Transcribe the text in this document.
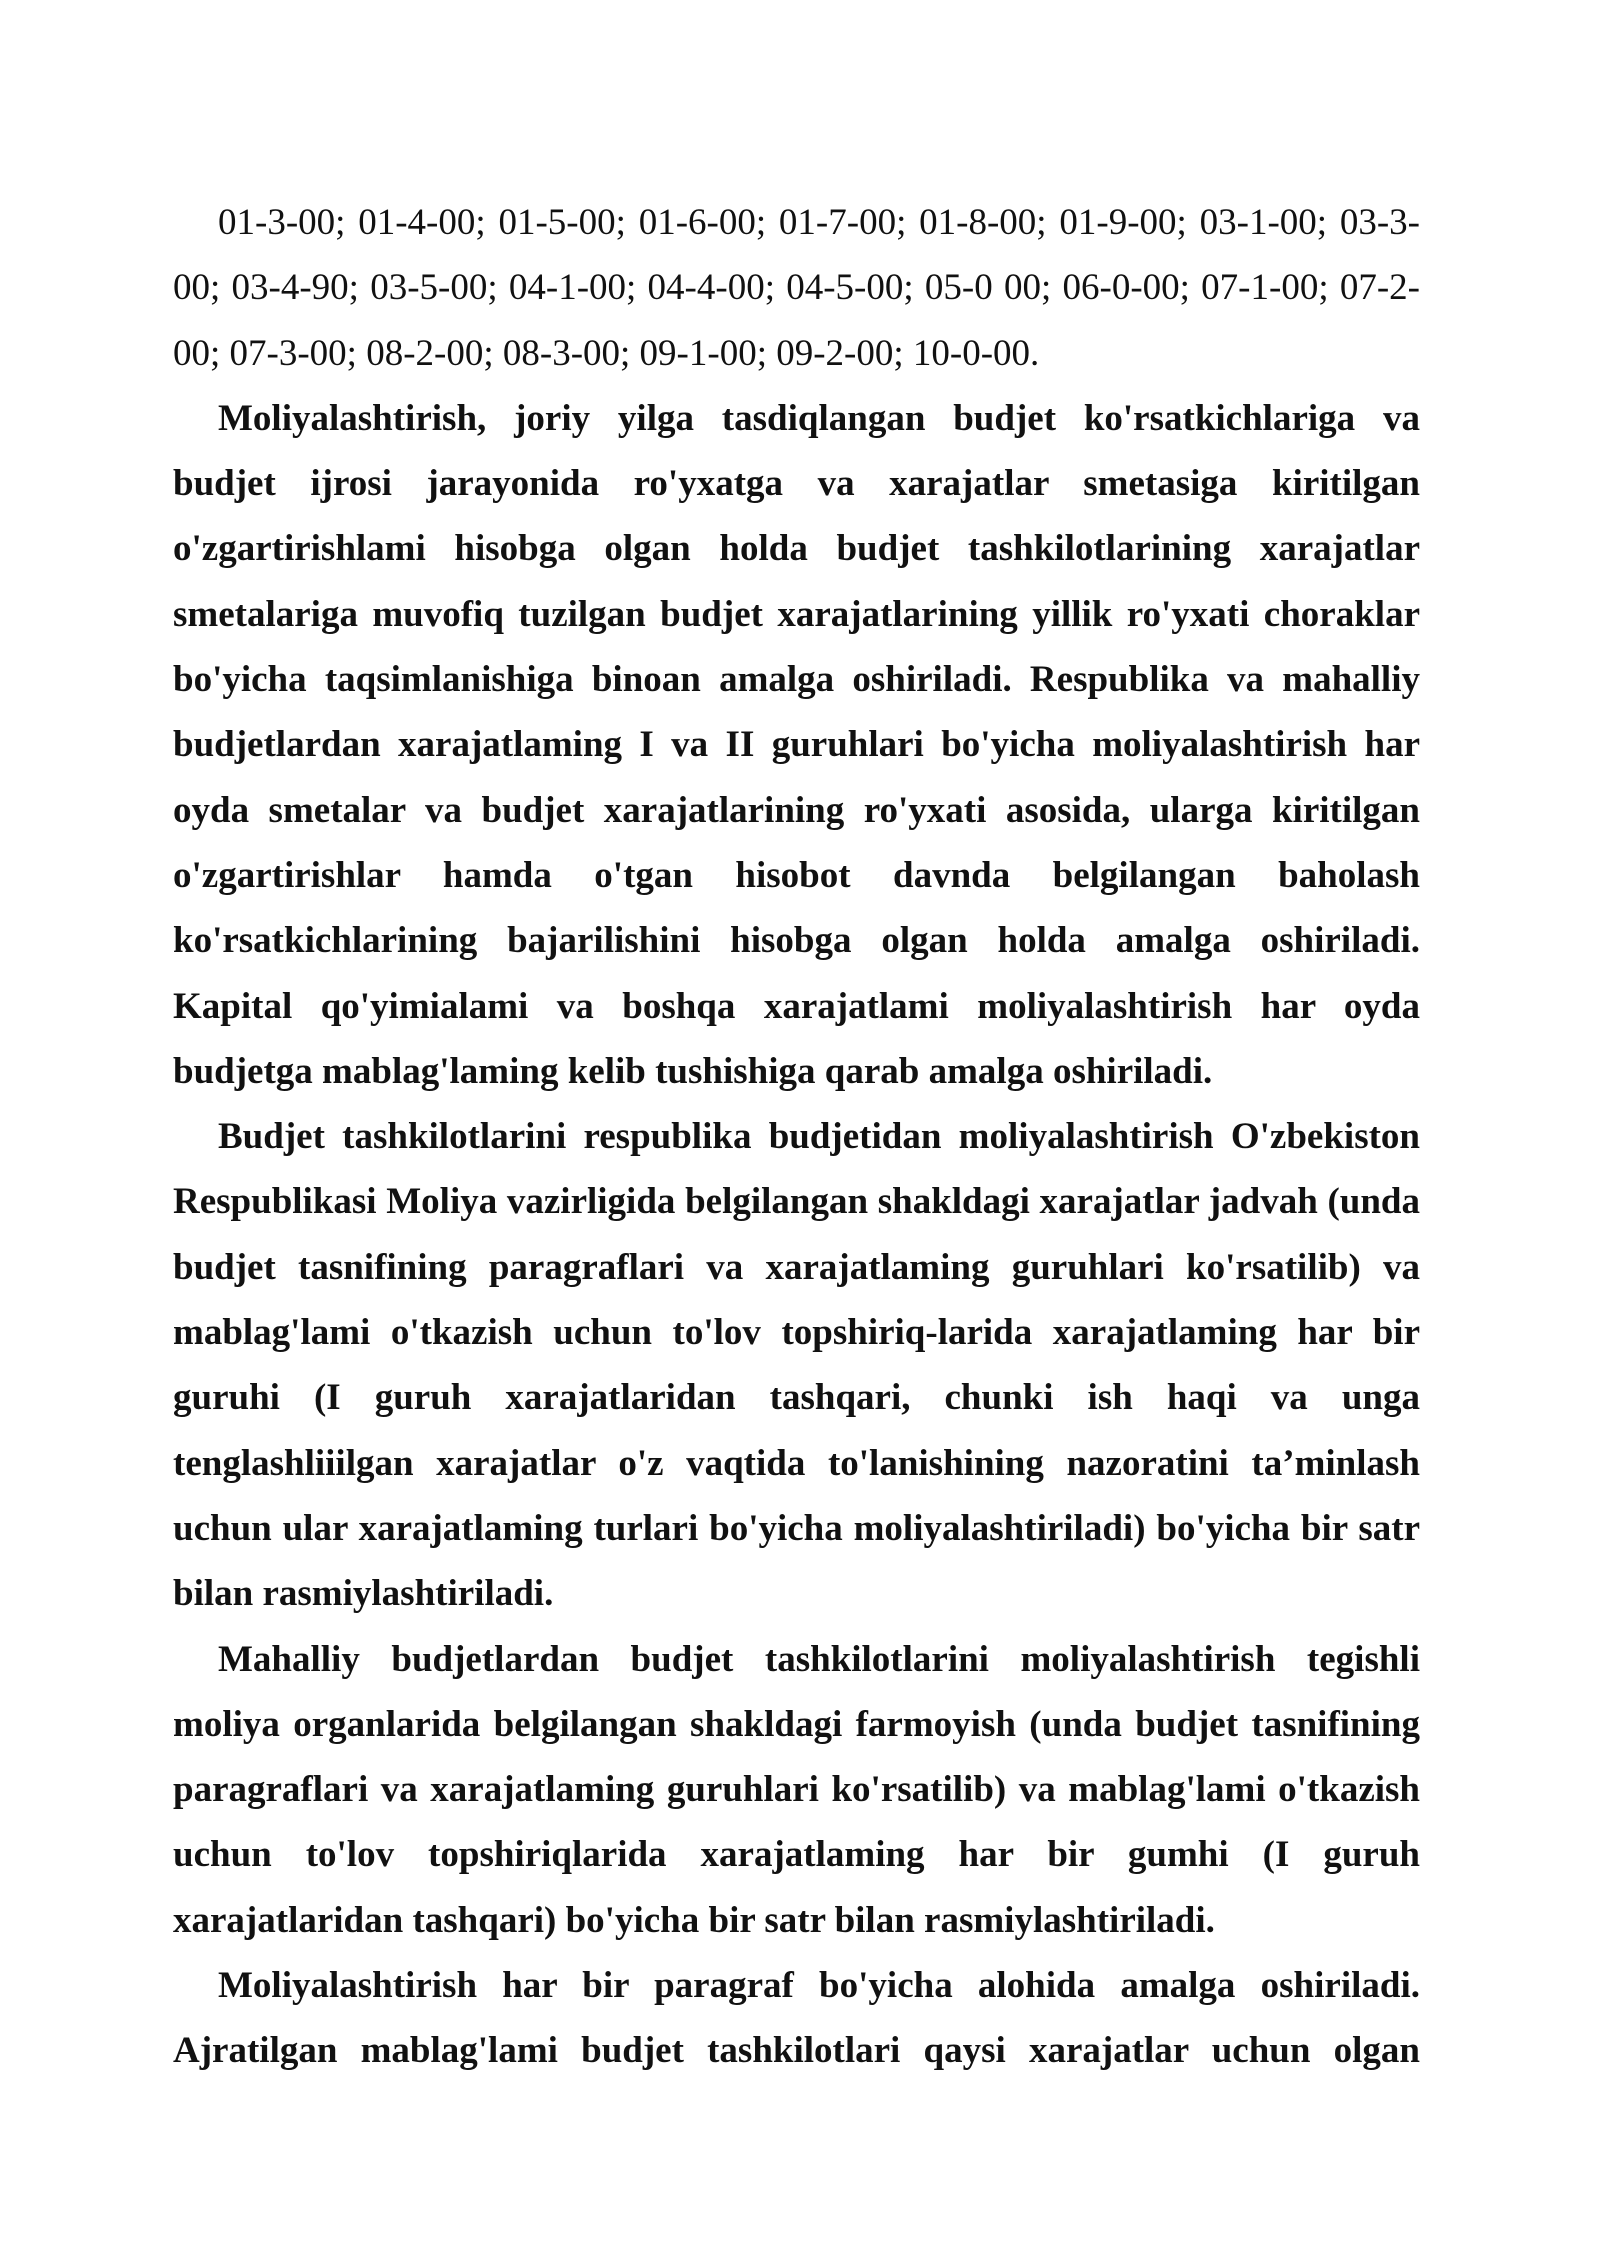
01-3-00; 01-4-00; 01-5-00; 01-6-00; 01-7-00; 01-8-00; 01-9-00; 03-1-00; 03-3-00; 03-4-90; 03-5-00; 04-1-00; 04-4-00; 04-5-00; 05-0 00; 06-0-00; 07-1-00; 07-2-00; 07-3-00; 08-2-00; 08-3-00; 09-1-00; 09-2-00; 10-0-00.

Moliyalashtirish, joriy yilga tasdiqlangan budjet ko'rsatkichlariga va budjet ijrosi jarayonida ro'yxatga va xarajatlar smetasiga kiritilgan o'zgartirishlami hisobga olgan holda budjet tashkilotlarining xarajatlar smetalariga muvofiq tuzilgan budjet xarajatlarining yillik ro'yxati choraklar bo'yicha taqsimlanishiga binoan amalga oshiriladi. Respublika va mahalliy budjetlardan xarajatlaming I va II guruhlari bo'yicha moliyalashtirish har oyda smetalar va budjet xarajatlarining ro'yxati asosida, ularga kiritilgan o'zgartirishlar hamda o'tgan hisobot davnda belgilangan baholash ko'rsatkichlarining bajarilishini hisobga olgan holda amalga oshiriladi. Kapital qo'yimialami va boshqa xarajatlami moliyalashtirish har oyda budjetga mablag'laming kelib tushishiga qarab amalga oshiriladi.

Budjet tashkilotlarini respublika budjetidan moliyalashtirish O'zbekiston Respublikasi Moliya vazirligida belgilangan shakldagi xarajatlar jadvah (unda budjet tasnifining paragraflari va xarajatlaming guruhlari ko'rsatilib) va mablag'lami o'tkazish uchun to'lov topshiriq-larida xarajatlaming har bir guruhi (I guruh xarajatlaridan tashqari, chunki ish haqi va unga tenglashliiilgan xarajatlar o'z vaqtida to'lanishining nazoratini ta’minlash uchun ular xarajatlaming turlari bo'yicha moliyalashtiriladi) bo'yicha bir satr bilan rasmiylashtiriladi.

Mahalliy budjetlardan budjet tashkilotlarini moliyalashtirish tegishli moliya organlarida belgilangan shakldagi farmoyish (unda budjet tasnifining paragraflari va xarajatlaming guruhlari ko'rsatilib) va mablag'lami o'tkazish uchun to'lov topshiriqlarida xarajatlaming har bir gumhi (I guruh xarajatlaridan tashqari) bo'yicha bir satr bilan rasmiylashtiriladi.

Moliyalashtirish har bir paragraf bo'yicha alohida amalga oshiriladi. Ajratilgan mablag'lami budjet tashkilotlari qaysi xarajatlar uchun olgan
